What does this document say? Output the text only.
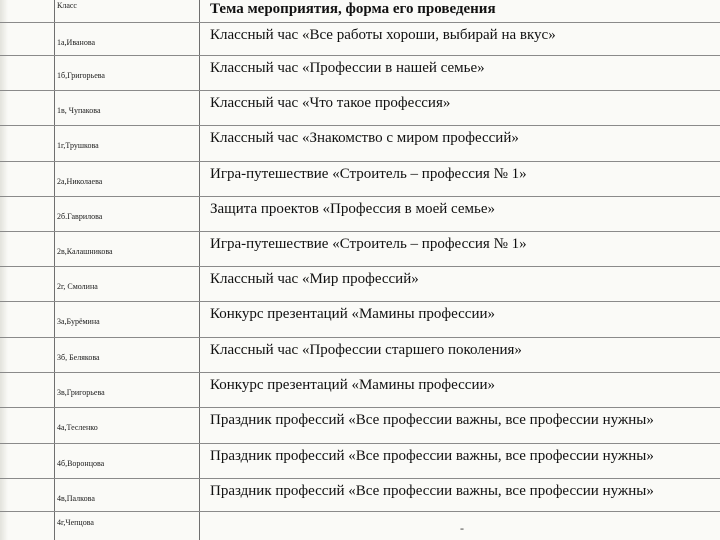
Класс	Тема мероприятия, форма его проведения
1а,Иванова	Классный час «Все работы хороши, выбирай на вкус»
1б,Григорьева	Классный час «Профессии в нашей семье»
1в, Чупакова	Классный час «Что такое профессия»
1г,Трушкова	Классный час «Знакомство с миром профессий»
2а,Николаева	Игра-путешествие «Строитель – профессия № 1»
2б.Гаврилова	Защита проектов «Профессия в моей семье»
2в,Калашникова	Игра-путешествие «Строитель – профессия № 1»
2г, Смолина	Классный час «Мир профессий»
3а,Бурёмина	Конкурс презентаций «Мамины профессии»
3б, Белякова	Классный час «Профессии старшего поколения»
3в,Григорьева	Конкурс презентаций «Мамины профессии»
4а,Тесленко	Праздник профессий «Все профессии важны, все профессии нужны»
4б,Воронцова	Праздник профессий «Все профессии важны, все профессии нужны»
4в,Палкова	Праздник профессий «Все профессии важны, все профессии нужны»
4г,Чепцова	-
